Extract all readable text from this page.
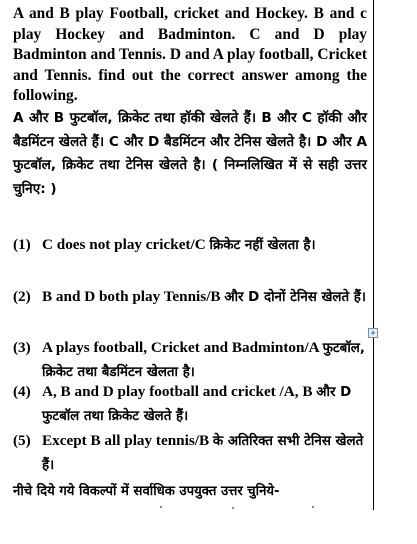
A and B play Football, cricket and Hockey. B and c play Hockey and Badminton. C and D play Badminton and Tennis. D and A play football, Cricket and Tennis. find out the correct answer among the following.
A और B फुटबॉल, क्रिकेट तथा हॉकी खेलते हैं। B और C हॉकी और बैडमिंटन खेलते हैं। C और D बैडमिंटन और टेनिस खेलते है। D और A फुटबॉल, क्रिकेट तथा टेनिस खेलते है। ( निम्नलिखित में से सही उत्तर चुनिए: )
(1) C does not play cricket/C क्रिकेट नहीं खेलता है।
(2) B and D both play Tennis/B और D दोनों टेनिस खेलते हैं।
(3) A plays football, Cricket and Badminton/A फुटबॉल, क्रिकेट तथा बैडमिंटन खेलता है।
(4) A, B and D play football and cricket /A, B और D फुटबॉल तथा क्रिकेट खेलते हैं।
(5) Except B all play tennis/B के अतिरिक्त सभी टेनिस खेलते हैं।
नीचे दिये गये विकल्पों में सर्वाधिक उपयुक्त उत्तर चुनिये-
+
